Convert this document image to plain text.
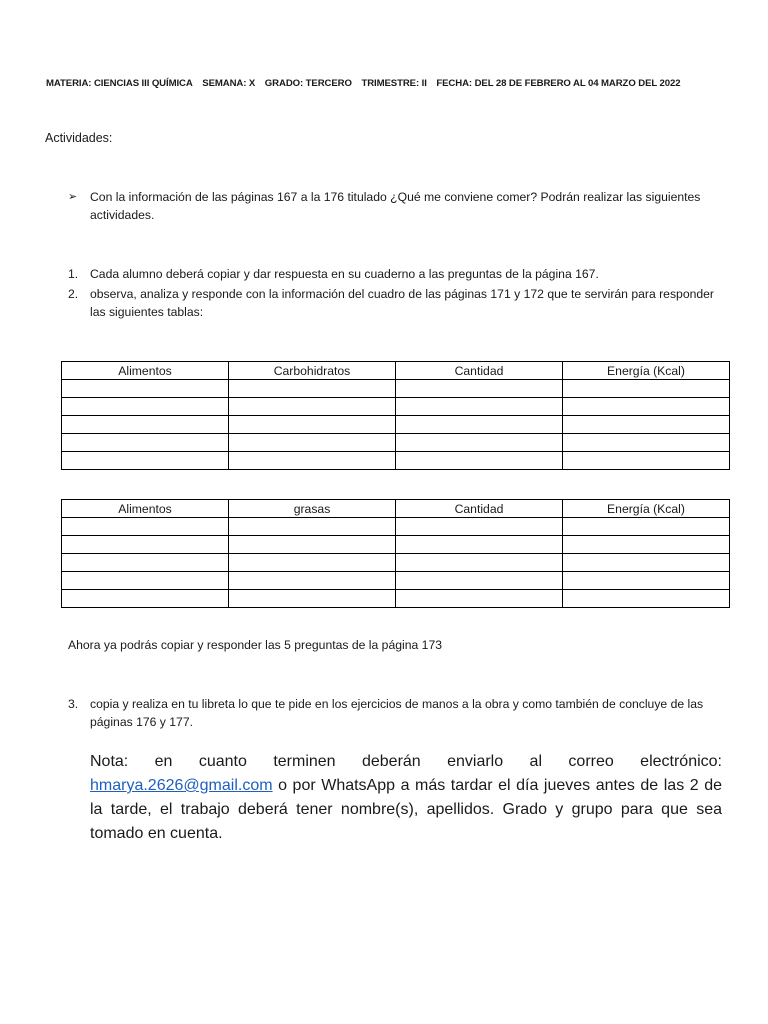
MATERIA: CIENCIAS III QUÍMICA SEMANA: X GRADO: TERCERO TRIMESTRE: II FECHA: DEL 28 DE FEBRERO AL 04 MARZO DEL 2022
Actividades:
➢ Con la información de las páginas 167 a la 176 titulado ¿Qué me conviene comer? Podrán realizar las siguientes actividades.
1. Cada alumno deberá copiar y dar respuesta en su cuaderno a las preguntas de la página 167.
2. observa, analiza y responde con la información del cuadro de las páginas 171 y 172 que te servirán para responder las siguientes tablas:
Alimentos	Carbohidratos	Cantidad	Energía (Kcal)

Alimentos	grasas	Cantidad	Energía (Kcal)

Ahora ya podrás copiar y responder las 5 preguntas de la página 173
3. copia y realiza en tu libreta lo que te pide en los ejercicios de manos a la obra y como también de concluye de las páginas 176 y 177.
Nota: en cuanto terminen deberán enviarlo al correo electrónico: hmarya.2626@gmail.com o por WhatsApp a más tardar el día jueves antes de las 2 de la tarde, el trabajo deberá tener nombre(s), apellidos. Grado y grupo para que sea tomado en cuenta.
